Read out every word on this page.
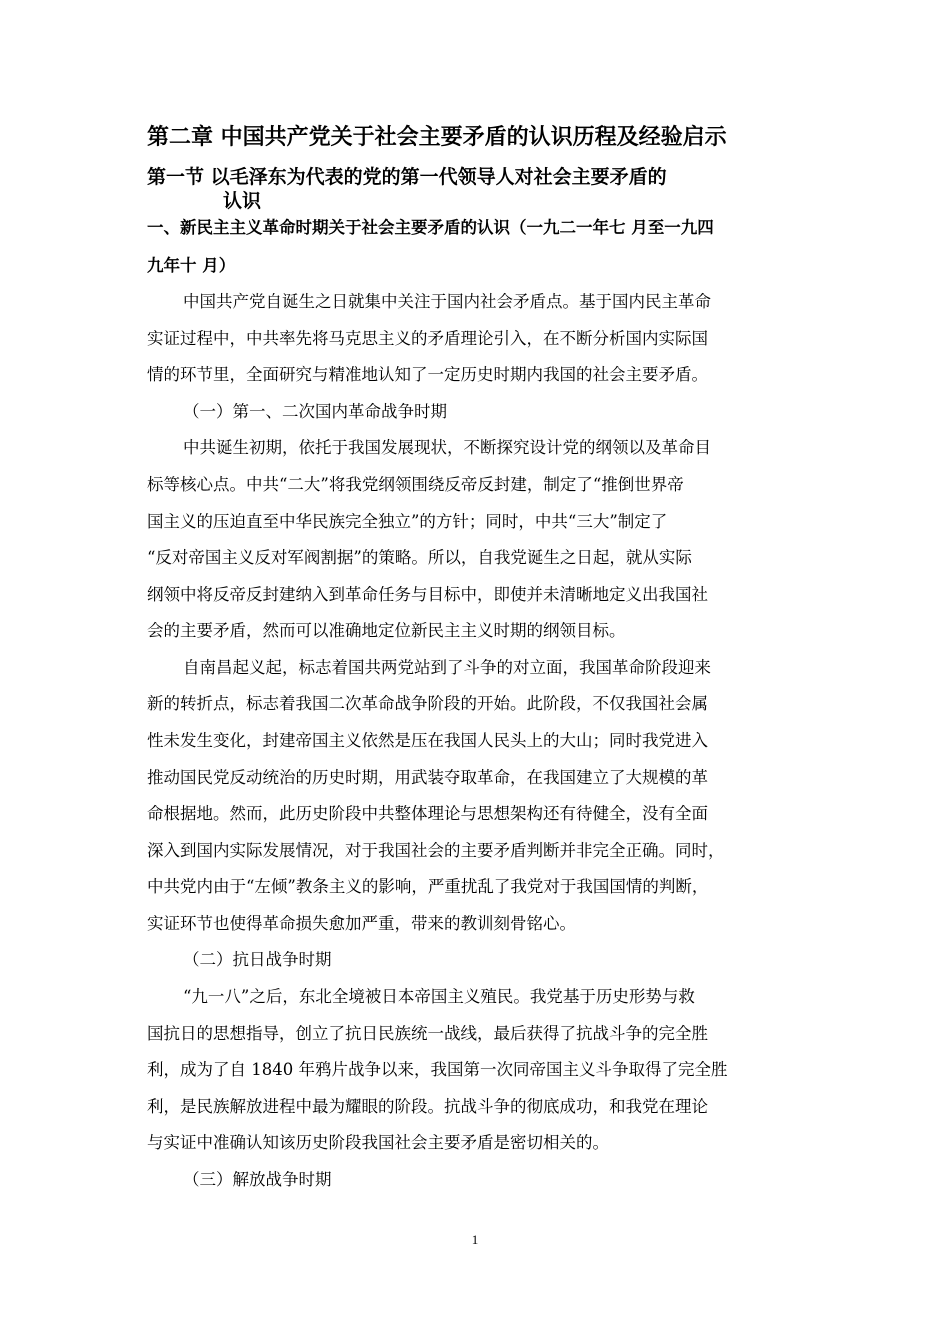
第二章 中国共产党关于社会主要矛盾的认识历程及经验启示
第一节 以毛泽东为代表的党的第一代领导人对社会主要矛盾的
认识
一、新民主主义革命时期关于社会主要矛盾的认识（一九二一年七 月至一九四
九年十 月）
中国共产党自诞生之日就集中关注于国内社会矛盾点。基于国内民主革命
实证过程中，中共率先将马克思主义的矛盾理论引入，在不断分析国内实际国
情的环节里，全面研究与精准地认知了一定历史时期内我国的社会主要矛盾。
（一）第一、二次国内革命战争时期
中共诞生初期，依托于我国发展现状，不断探究设计党的纲领以及革命目
标等核心点。中共“二大”将我党纲领围绕反帝反封建，制定了“推倒世界帝
国主义的压迫直至中华民族完全独立”的方针；同时，中共“三大”制定了
“反对帝国主义反对军阀割据”的策略。所以，自我党诞生之日起，就从实际
纲领中将反帝反封建纳入到革命任务与目标中，即使并未清晰地定义出我国社
会的主要矛盾，然而可以准确地定位新民主主义时期的纲领目标。
自南昌起义起，标志着国共两党站到了斗争的对立面，我国革命阶段迎来
新的转折点，标志着我国二次革命战争阶段的开始。此阶段，不仅我国社会属
性未发生变化，封建帝国主义依然是压在我国人民头上的大山；同时我党进入
推动国民党反动统治的历史时期，用武装夺取革命，在我国建立了大规模的革
命根据地。然而，此历史阶段中共整体理论与思想架构还有待健全，没有全面
深入到国内实际发展情况，对于我国社会的主要矛盾判断并非完全正确。同时，
中共党内由于“左倾”教条主义的影响，严重扰乱了我党对于我国国情的判断，
实证环节也使得革命损失愈加严重，带来的教训刻骨铭心。
（二）抗日战争时期
“九一八”之后，东北全境被日本帝国主义殖民。我党基于历史形势与救
国抗日的思想指导，创立了抗日民族统一战线，最后获得了抗战斗争的完全胜
利，成为了自 1840 年鸦片战争以来，我国第一次同帝国主义斗争取得了完全胜
利，是民族解放进程中最为耀眼的阶段。抗战斗争的彻底成功，和我党在理论
与实证中准确认知该历史阶段我国社会主要矛盾是密切相关的。
（三）解放战争时期
1
